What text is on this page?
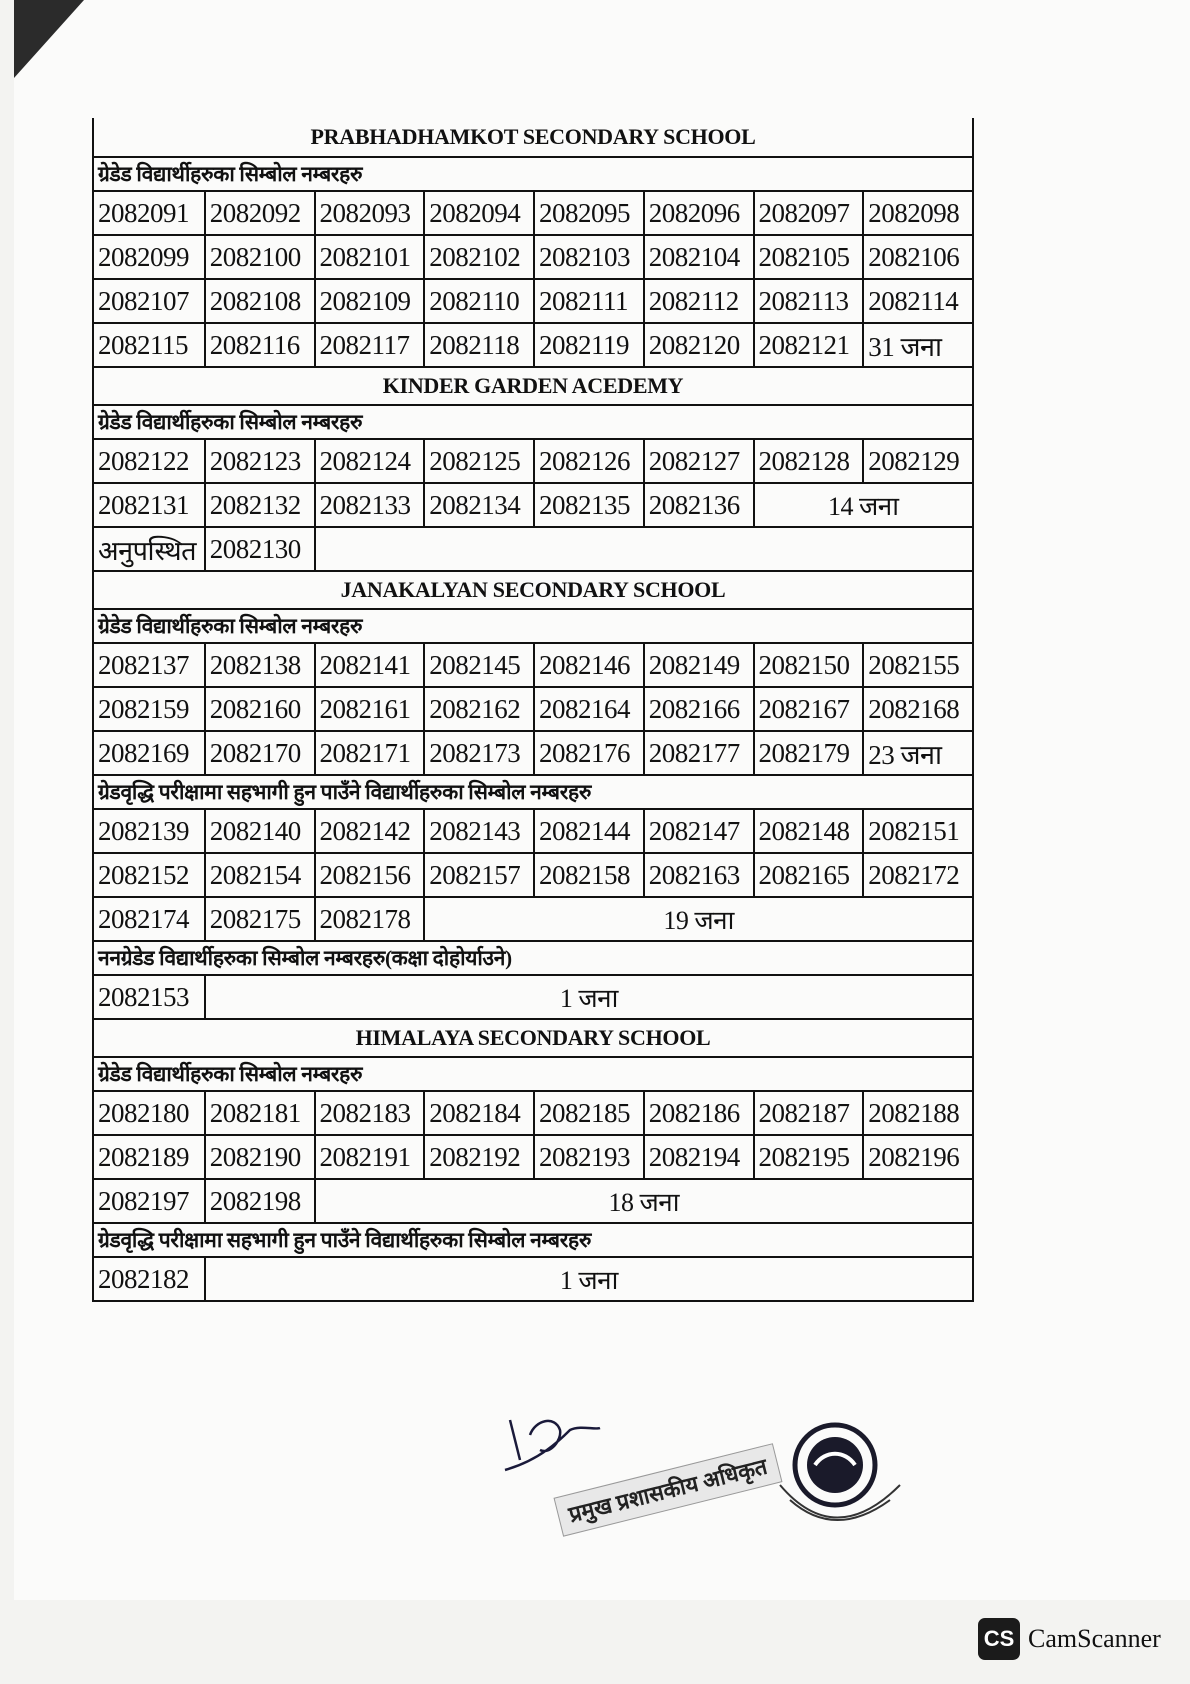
PRABHADHAMKOT SECONDARY SCHOOL
ग्रेडेड विद्यार्थीहरुका सिम्बोल नम्बरहरु
2082091 2082092 2082093 2082094 2082095 2082096 2082097 2082098
2082099 2082100 2082101 2082102 2082103 2082104 2082105 2082106
2082107 2082108 2082109 2082110 2082111 2082112 2082113 2082114
2082115 2082116 2082117 2082118 2082119 2082120 2082121 31 जना
KINDER GARDEN ACEDEMY
ग्रेडेड विद्यार्थीहरुका सिम्बोल नम्बरहरु
2082122 2082123 2082124 2082125 2082126 2082127 2082128 2082129
2082131 2082132 2082133 2082134 2082135 2082136	14 जना
अनुपस्थित 2082130
JANAKALYAN SECONDARY SCHOOL
ग्रेडेड विद्यार्थीहरुका सिम्बोल नम्बरहरु
2082137 2082138 2082141 2082145 2082146 2082149 2082150 2082155
2082159 2082160 2082161 2082162 2082164 2082166 2082167 2082168
2082169 2082170 2082171 2082173 2082176 2082177 2082179 23 जना
ग्रेडवृद्धि परीक्षामा सहभागी हुन पाउँने विद्यार्थीहरुका सिम्बोल नम्बरहरु
2082139 2082140 2082142 2082143 2082144 2082147 2082148 2082151
2082152 2082154 2082156 2082157 2082158 2082163 2082165 2082172
2082174 2082175 2082178	19 जना
ननग्रेडेड विद्यार्थीहरुका सिम्बोल नम्बरहरु(कक्षा दोहोर्याउने)
2082153	1 जना
HIMALAYA SECONDARY SCHOOL
ग्रेडेड विद्यार्थीहरुका सिम्बोल नम्बरहरु
2082180 2082181 2082183 2082184 2082185 2082186 2082187 2082188
2082189 2082190 2082191 2082192 2082193 2082194 2082195 2082196
2082197 2082198	18 जना
ग्रेडवृद्धि परीक्षामा सहभागी हुन पाउँने विद्यार्थीहरुका सिम्बोल नम्बरहरु
2082182	1 जना
प्रमुख प्रशासकीय अधिकृत
CS CamScanner
